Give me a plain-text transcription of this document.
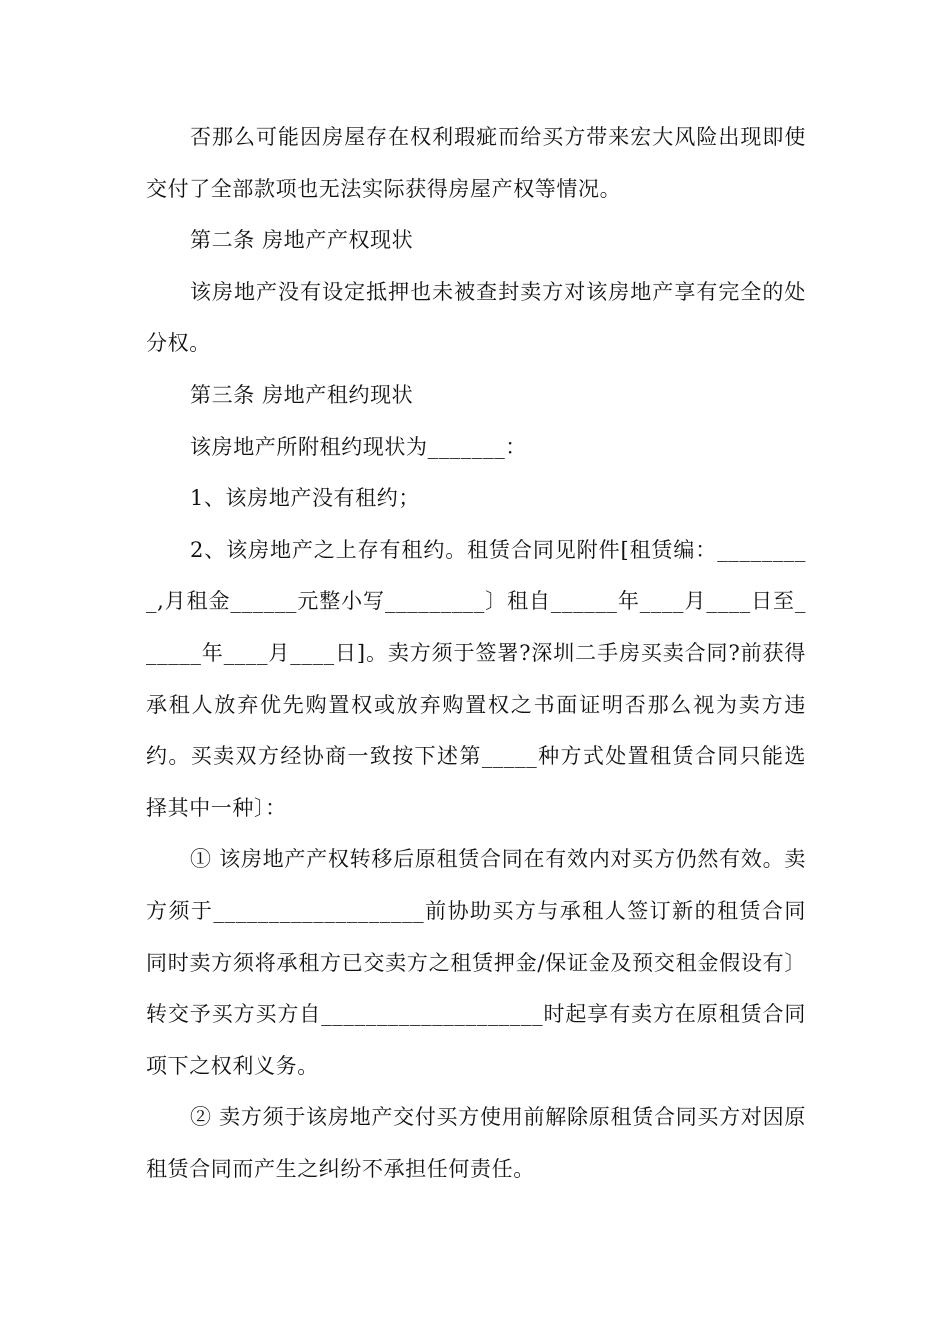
否那么可能因房屋存在权利瑕疵而给买方带来宏大风险出现即使交付了全部款项也无法实际获得房屋产权等情况。

第二条 房地产产权现状

该房地产没有设定抵押也未被查封卖方对该房地产享有完全的处分权。

第三条 房地产租约现状

该房地产所附租约现状为_______：

1、该房地产没有租约；

2、该房地产之上存有租约。租赁合同见附件[租赁编：_________,月租金______元整小写_________〕租自______年____月____日至______年____月____日]。卖方须于签署?深圳二手房买卖合同?前获得承租人放弃优先购置权或放弃购置权之书面证明否那么视为卖方违约。买卖双方经协商一致按下述第_____种方式处置租赁合同只能选择其中一种〕：

① 该房地产产权转移后原租赁合同在有效内对买方仍然有效。卖方须于___________________前协助买方与承租人签订新的租赁合同同时卖方须将承租方已交卖方之租赁押金/保证金及预交租金假设有〕转交予买方买方自____________________时起享有卖方在原租赁合同项下之权利义务。

② 卖方须于该房地产交付买方使用前解除原租赁合同买方对因原租赁合同而产生之纠纷不承担任何责任。
